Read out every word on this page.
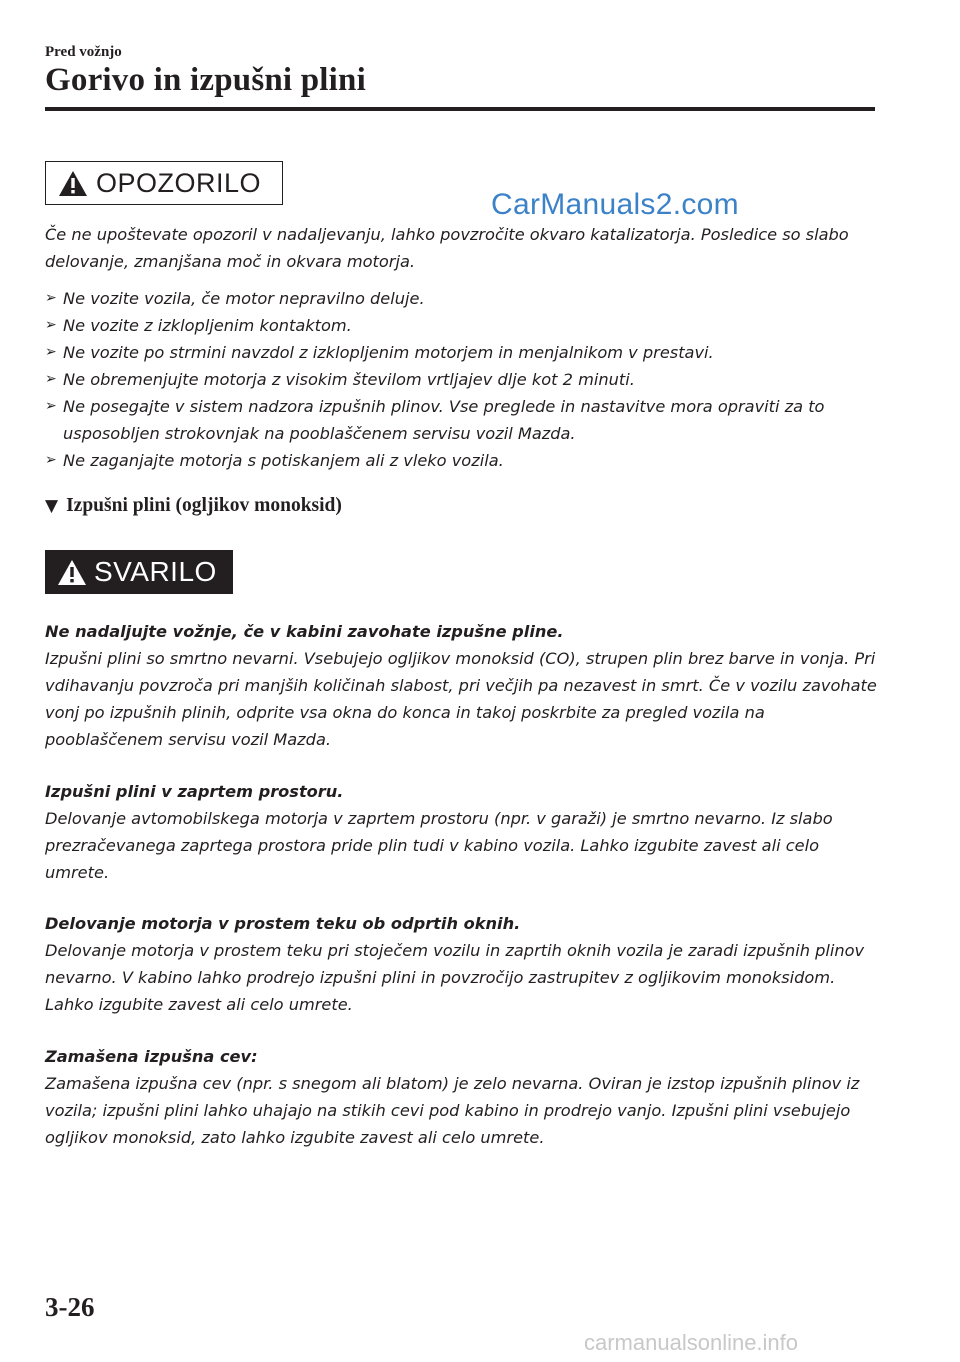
Pred vožnjo
Gorivo in izpušni plini
OPOZORILO
CarManuals2.com
Če ne upoštevate opozoril v nadaljevanju, lahko povzročite okvaro katalizatorja. Posledice so slabo delovanje, zmanjšana moč in okvara motorja.
➢ Ne vozite vozila, če motor nepravilno deluje.
➢ Ne vozite z izklopljenim kontaktom.
➢ Ne vozite po strmini navzdol z izklopljenim motorjem in menjalnikom v prestavi.
➢ Ne obremenjujte motorja z visokim številom vrtljajev dlje kot 2 minuti.
➢ Ne posegajte v sistem nadzora izpušnih plinov. Vse preglede in nastavitve mora opraviti za to usposobljen strokovnjak na pooblaščenem servisu vozil Mazda.
➢ Ne zaganjajte motorja s potiskanjem ali z vleko vozila.
▼ Izpušni plini (ogljikov monoksid)
SVARILO
Ne nadaljujte vožnje, če v kabini zavohate izpušne pline.
Izpušni plini so smrtno nevarni. Vsebujejo ogljikov monoksid (CO), strupen plin brez barve in vonja. Pri vdihavanju povzroča pri manjših količinah slabost, pri večjih pa nezavest in smrt. Če v vozilu zavohate vonj po izpušnih plinih, odprite vsa okna do konca in takoj poskrbite za pregled vozila na pooblaščenem servisu vozil Mazda.
Izpušni plini v zaprtem prostoru.
Delovanje avtomobilskega motorja v zaprtem prostoru (npr. v garaži) je smrtno nevarno. Iz slabo prezračevanega zaprtega prostora pride plin tudi v kabino vozila. Lahko izgubite zavest ali celo umrete.
Delovanje motorja v prostem teku ob odprtih oknih.
Delovanje motorja v prostem teku pri stoječem vozilu in zaprtih oknih vozila je zaradi izpušnih plinov nevarno. V kabino lahko prodrejo izpušni plini in povzročijo zastrupitev z ogljikovim monoksidom. Lahko izgubite zavest ali celo umrete.
Zamašena izpušna cev:
Zamašena izpušna cev (npr. s snegom ali blatom) je zelo nevarna. Oviran je izstop izpušnih plinov iz vozila; izpušni plini lahko uhajajo na stikih cevi pod kabino in prodrejo vanjo. Izpušni plini vsebujejo ogljikov monoksid, zato lahko izgubite zavest ali celo umrete.
3-26
carmanualsonline.info
